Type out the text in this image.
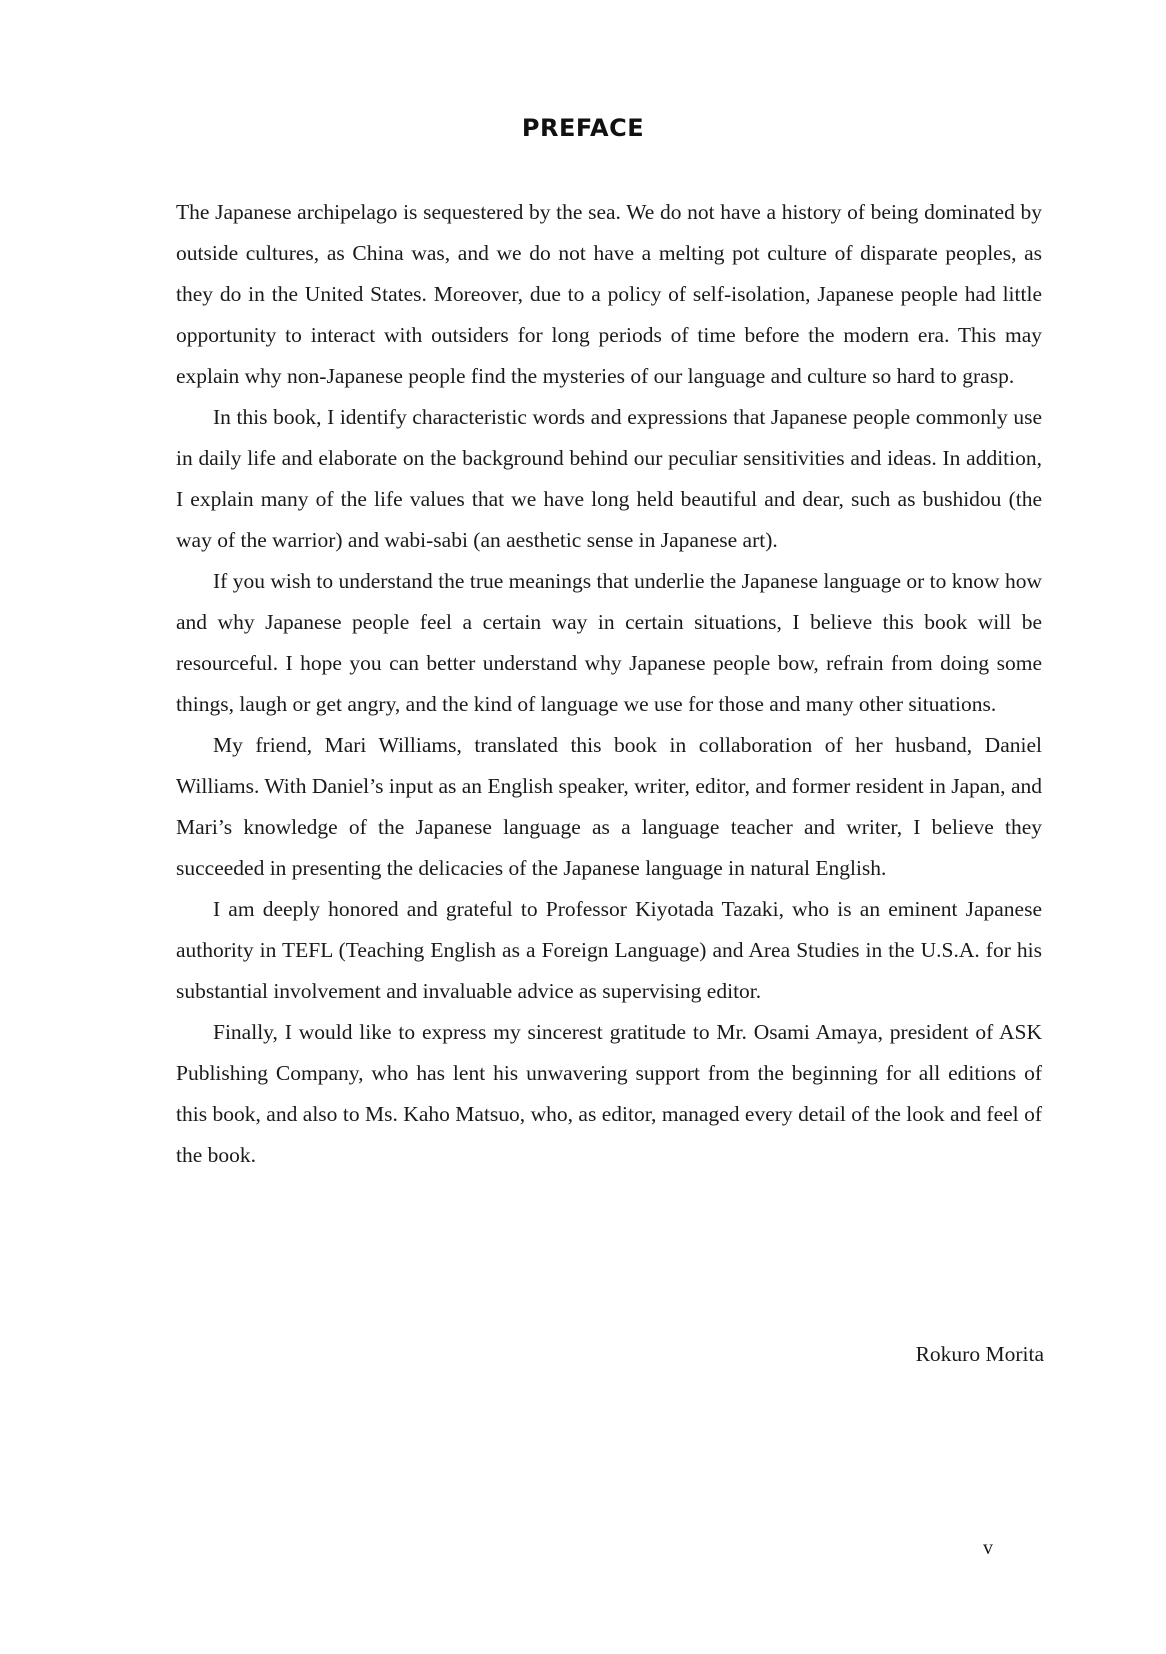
PREFACE

The Japanese archipelago is sequestered by the sea. We do not have a history of being dominated by outside cultures, as China was, and we do not have a melting pot culture of disparate peoples, as they do in the United States. Moreover, due to a policy of self-isolation, Japanese people had little opportunity to interact with outsiders for long periods of time before the modern era. This may explain why non-Japanese people find the mysteries of our language and culture so hard to grasp.

In this book, I identify characteristic words and expressions that Japanese people commonly use in daily life and elaborate on the background behind our peculiar sensitivities and ideas. In addition, I explain many of the life values that we have long held beautiful and dear, such as bushidou (the way of the warrior) and wabi-sabi (an aesthetic sense in Japanese art).

If you wish to understand the true meanings that underlie the Japanese language or to know how and why Japanese people feel a certain way in certain situations, I believe this book will be resourceful. I hope you can better understand why Japanese people bow, refrain from doing some things, laugh or get angry, and the kind of language we use for those and many other situations.

My friend, Mari Williams, translated this book in collaboration of her husband, Daniel Williams. With Daniel’s input as an English speaker, writer, editor, and former resident in Japan, and Mari’s knowledge of the Japanese language as a language teacher and writer, I believe they succeeded in presenting the delicacies of the Japanese language in natural English.

I am deeply honored and grateful to Professor Kiyotada Tazaki, who is an eminent Japanese authority in TEFL (Teaching English as a Foreign Language) and Area Studies in the U.S.A. for his substantial involvement and invaluable advice as supervising editor.

Finally, I would like to express my sincerest gratitude to Mr. Osami Amaya, president of ASK Publishing Company, who has lent his unwavering support from the beginning for all editions of this book, and also to Ms. Kaho Matsuo, who, as editor, managed every detail of the look and feel of the book.

Rokuro Morita
v
